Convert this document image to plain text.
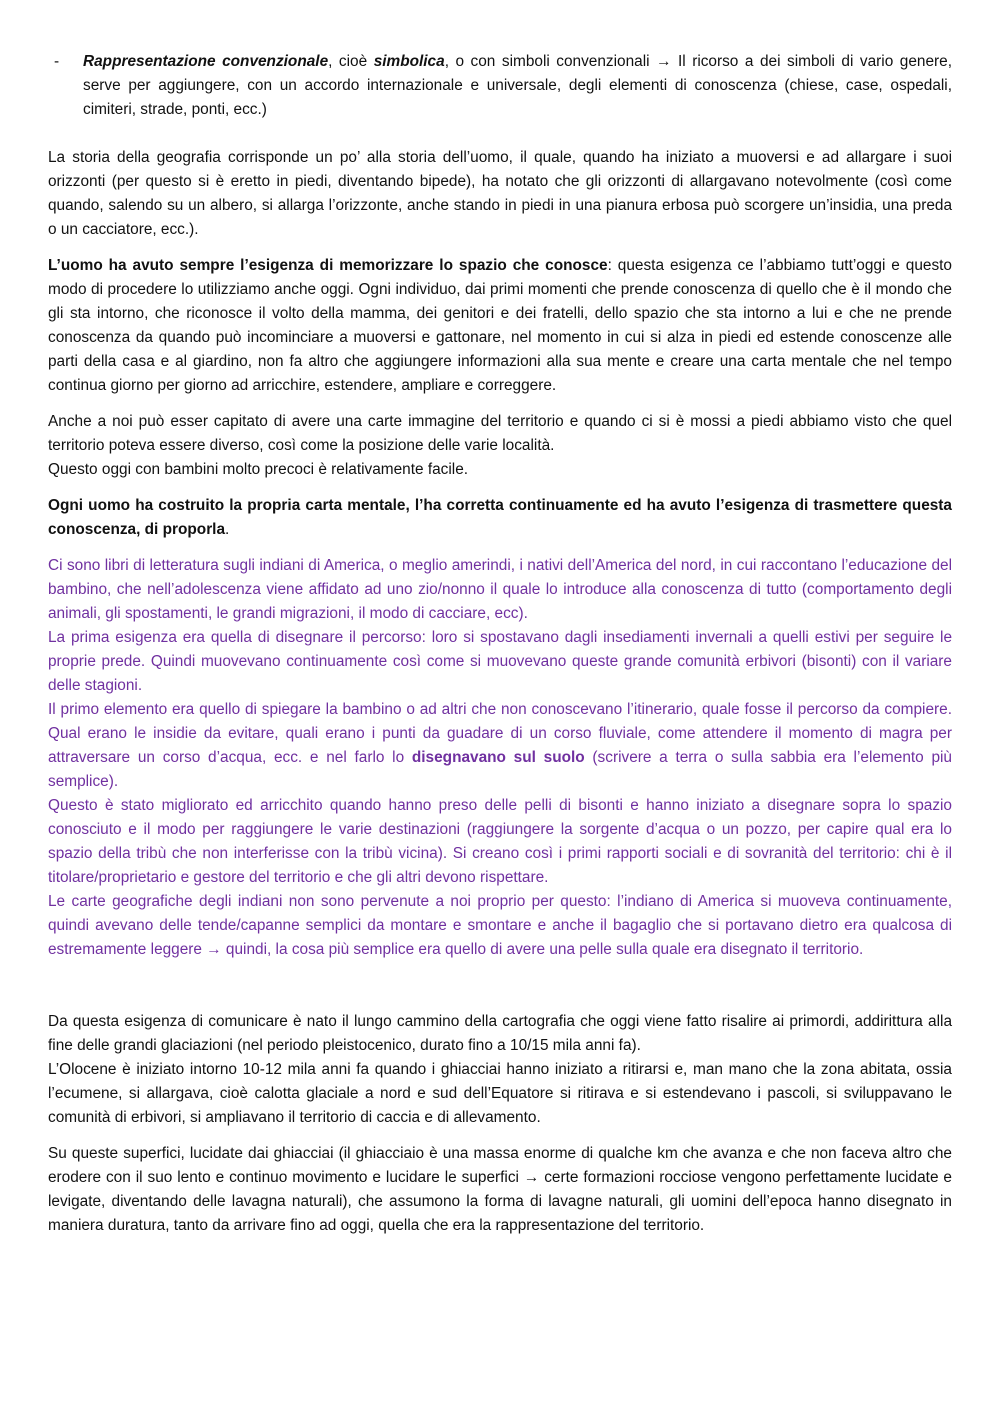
-	Rappresentazione convenzionale, cioè simbolica, o con simboli convenzionali → Il ricorso a dei simboli di vario genere, serve per aggiungere, con un accordo internazionale e universale, degli elementi di conoscenza (chiese, case, ospedali, cimiteri, strade, ponti, ecc.)

La storia della geografia corrisponde un po’ alla storia dell’uomo, il quale, quando ha iniziato a muoversi e ad allargare i suoi orizzonti (per questo si è eretto in piedi, diventando bipede), ha notato che gli orizzonti di allargavano notevolmente (così come quando, salendo su un albero, si allarga l’orizzonte, anche stando in piedi in una pianura erbosa può scorgere un’insidia, una preda o un cacciatore, ecc.).

L’uomo ha avuto sempre l’esigenza di memorizzare lo spazio che conosce: questa esigenza ce l’abbiamo tutt’oggi e questo modo di procedere lo utilizziamo anche oggi. Ogni individuo, dai primi momenti che prende conoscenza di quello che è il mondo che gli sta intorno, che riconosce il volto della mamma, dei genitori e dei fratelli, dello spazio che sta intorno a lui e che ne prende conoscenza da quando può incominciare a muoversi e gattonare, nel momento in cui si alza in piedi ed estende conoscenze alle parti della casa e al giardino, non fa altro che aggiungere informazioni alla sua mente e creare una carta mentale che nel tempo continua giorno per giorno ad arricchire, estendere, ampliare e correggere.

Anche a noi può esser capitato di avere una carte immagine del territorio e quando ci si è mossi a piedi abbiamo visto che quel territorio poteva essere diverso, così come la posizione delle varie località.
Questo oggi con bambini molto precoci è relativamente facile.

Ogni uomo ha costruito la propria carta mentale, l’ha corretta continuamente ed ha avuto l’esigenza di trasmettere questa conoscenza, di proporla.

Ci sono libri di letteratura sugli indiani di America, o meglio amerindi, i nativi dell’America del nord, in cui raccontano l’educazione del bambino, che nell’adolescenza viene affidato ad uno zio/nonno il quale lo introduce alla conoscenza di tutto (comportamento degli animali, gli spostamenti, le grandi migrazioni, il modo di cacciare, ecc).
La prima esigenza era quella di disegnare il percorso: loro si spostavano dagli insediamenti invernali a quelli estivi per seguire le proprie prede. Quindi muovevano continuamente così come si muovevano queste grande comunità erbivori (bisonti) con il variare delle stagioni.
Il primo elemento era quello di spiegare la bambino o ad altri che non conoscevano l’itinerario, quale fosse il percorso da compiere. Qual erano le insidie da evitare, quali erano i punti da guadare di un corso fluviale, come attendere il momento di magra per attraversare un corso d’acqua, ecc. e nel farlo lo disegnavano sul suolo (scrivere a terra o sulla sabbia era l’elemento più semplice).
Questo è stato migliorato ed arricchito quando hanno preso delle pelli di bisonti e hanno iniziato a disegnare sopra lo spazio conosciuto e il modo per raggiungere le varie destinazioni (raggiungere la sorgente d’acqua o un pozzo, per capire qual era lo spazio della tribù che non interferisse con la tribù vicina). Si creano così i primi rapporti sociali e di sovranità del territorio: chi è il titolare/proprietario e gestore del territorio e che gli altri devono rispettare.
Le carte geografiche degli indiani non sono pervenute a noi proprio per questo: l’indiano di America si muoveva continuamente, quindi avevano delle tende/capanne semplici da montare e smontare e anche il bagaglio che si portavano dietro era qualcosa di estremamente leggere → quindi, la cosa più semplice era quello di avere una pelle sulla quale era disegnato il territorio.

Da questa esigenza di comunicare è nato il lungo cammino della cartografia che oggi viene fatto risalire ai primordi, addirittura alla fine delle grandi glaciazioni (nel periodo pleistocenico, durato fino a 10/15 mila anni fa).
L’Olocene è iniziato intorno 10-12 mila anni fa quando i ghiacciai hanno iniziato a ritirarsi e, man mano che la zona abitata, ossia l’ecumene, si allargava, cioè calotta glaciale a nord e sud dell’Equatore si ritirava e si estendevano i pascoli, si sviluppavano le comunità di erbivori, si ampliavano il territorio di caccia e di allevamento.

Su queste superfici, lucidate dai ghiacciai (il ghiacciaio è una massa enorme di qualche km che avanza e che non faceva altro che erodere con il suo lento e continuo movimento e lucidare le superfici → certe formazioni rocciose vengono perfettamente lucidate e levigate, diventando delle lavagna naturali), che assumono la forma di lavagne naturali, gli uomini dell’epoca hanno disegnato in maniera duratura, tanto da arrivare fino ad oggi, quella che era la rappresentazione del territorio.
